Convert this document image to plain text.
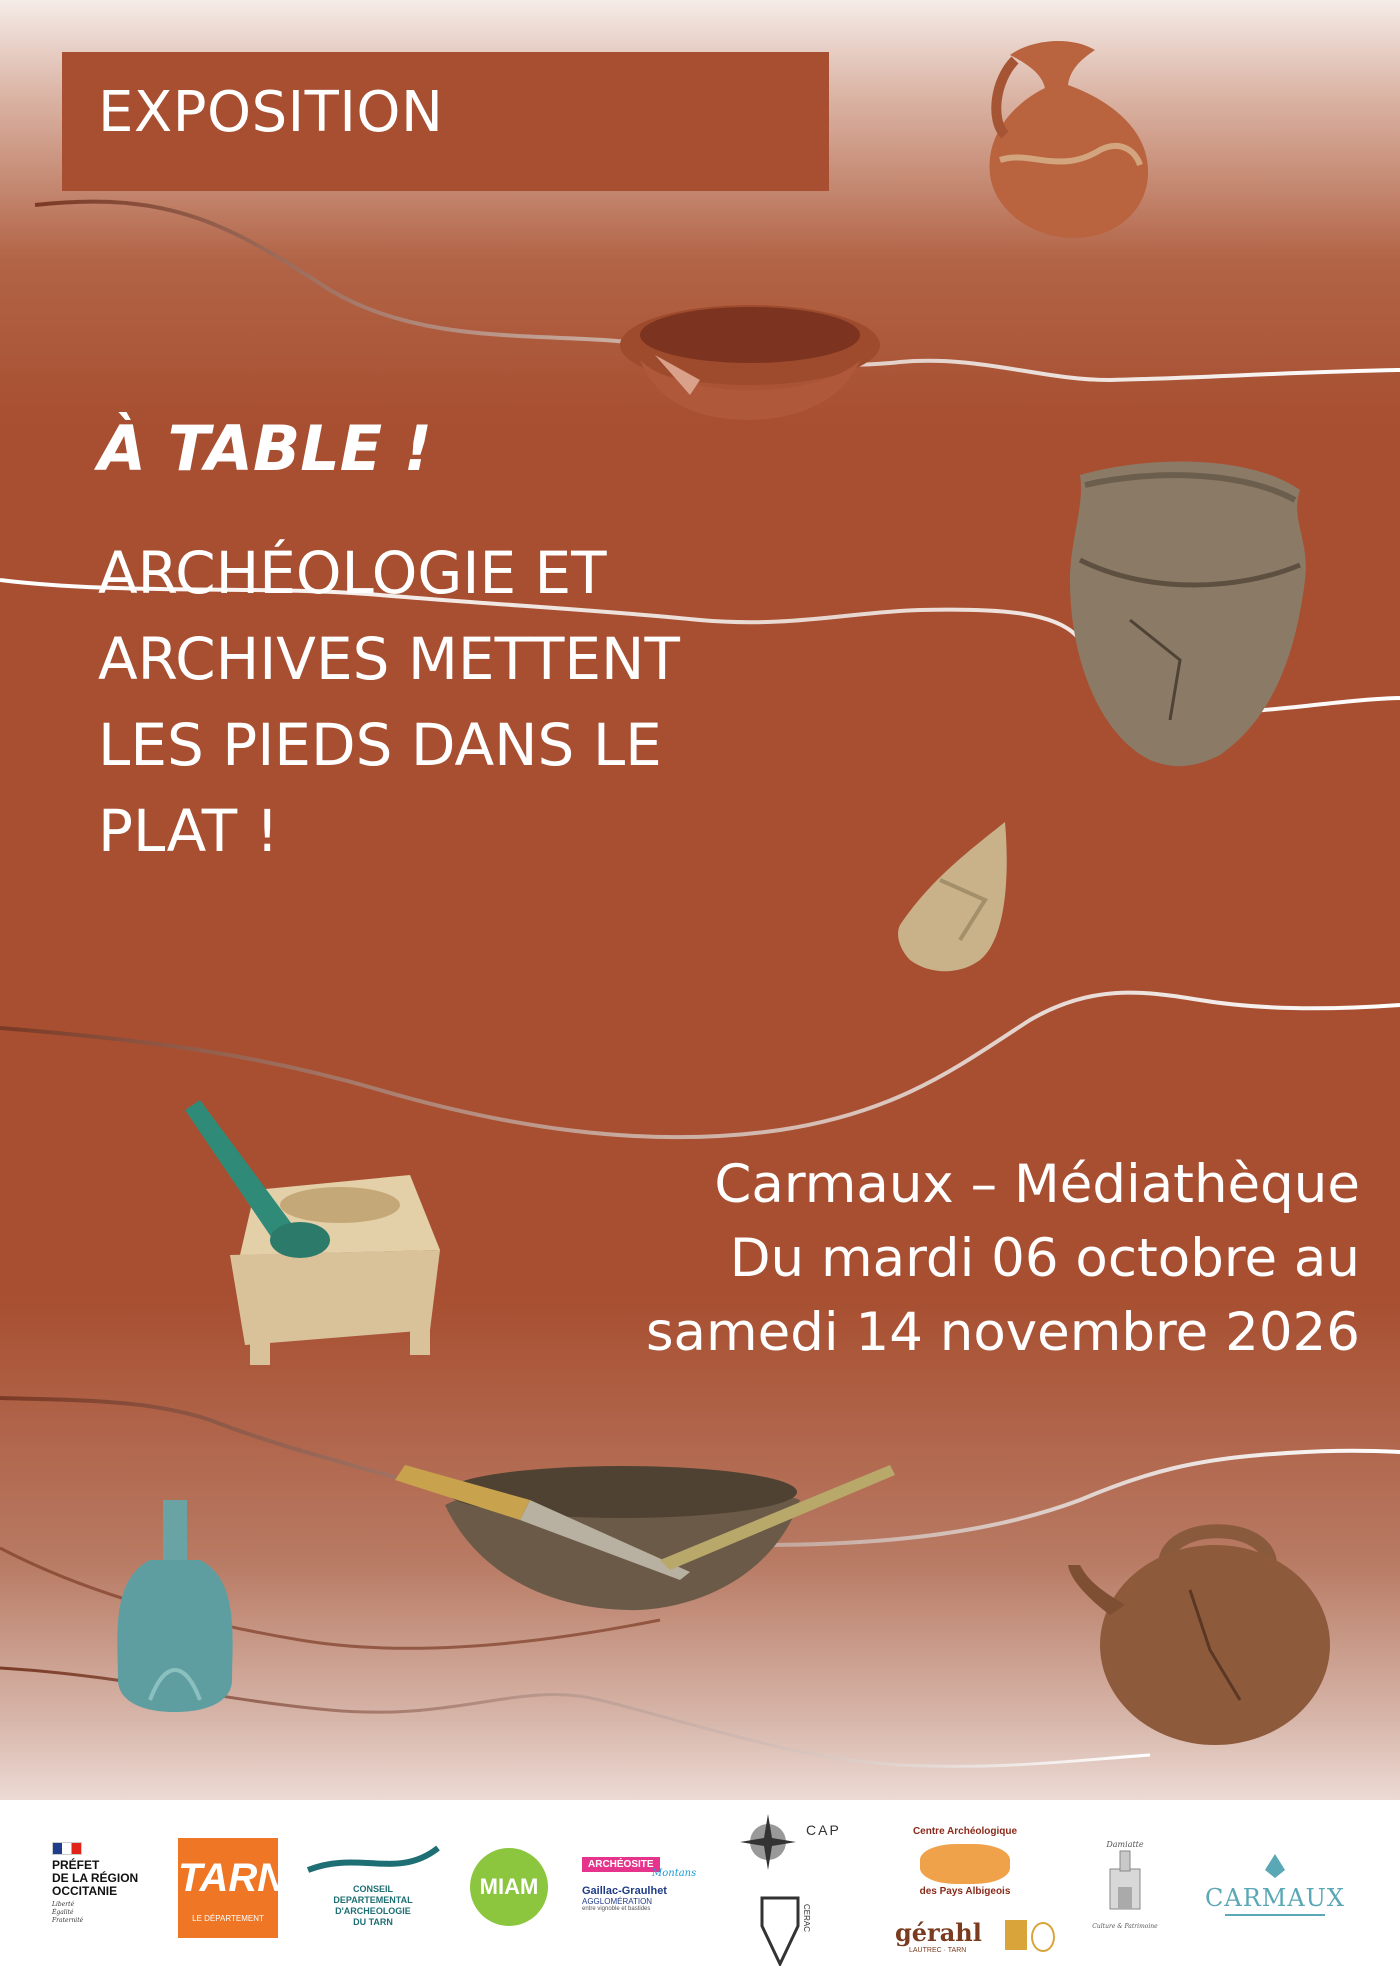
EXPOSITION
À TABLE !
ARCHÉOLOGIE ET
ARCHIVES METTENT
LES PIEDS DANS LE
PLAT !
Carmaux – Médiathèque
Du mardi 06 octobre au
samedi 14 novembre 2026
PRÉFET
DE LA RÉGION
OCCITANIE
Liberté
Égalité
Fraternité
TARN
LE DÉPARTEMENT
CONSEIL
DEPARTEMENTAL
D'ARCHEOLOGIE
DU TARN
MIAM
ARCHÉOSITE
Montans
Gaillac-Graulhet
AGGLOMÉRATION
entre vignoble et bastides
CAP
CERAC
Centre Archéologique
des Pays Albigeois
gérahl
LAUTREC · TARN
Damiatte
Culture & Patrimoine
CARMAUX
